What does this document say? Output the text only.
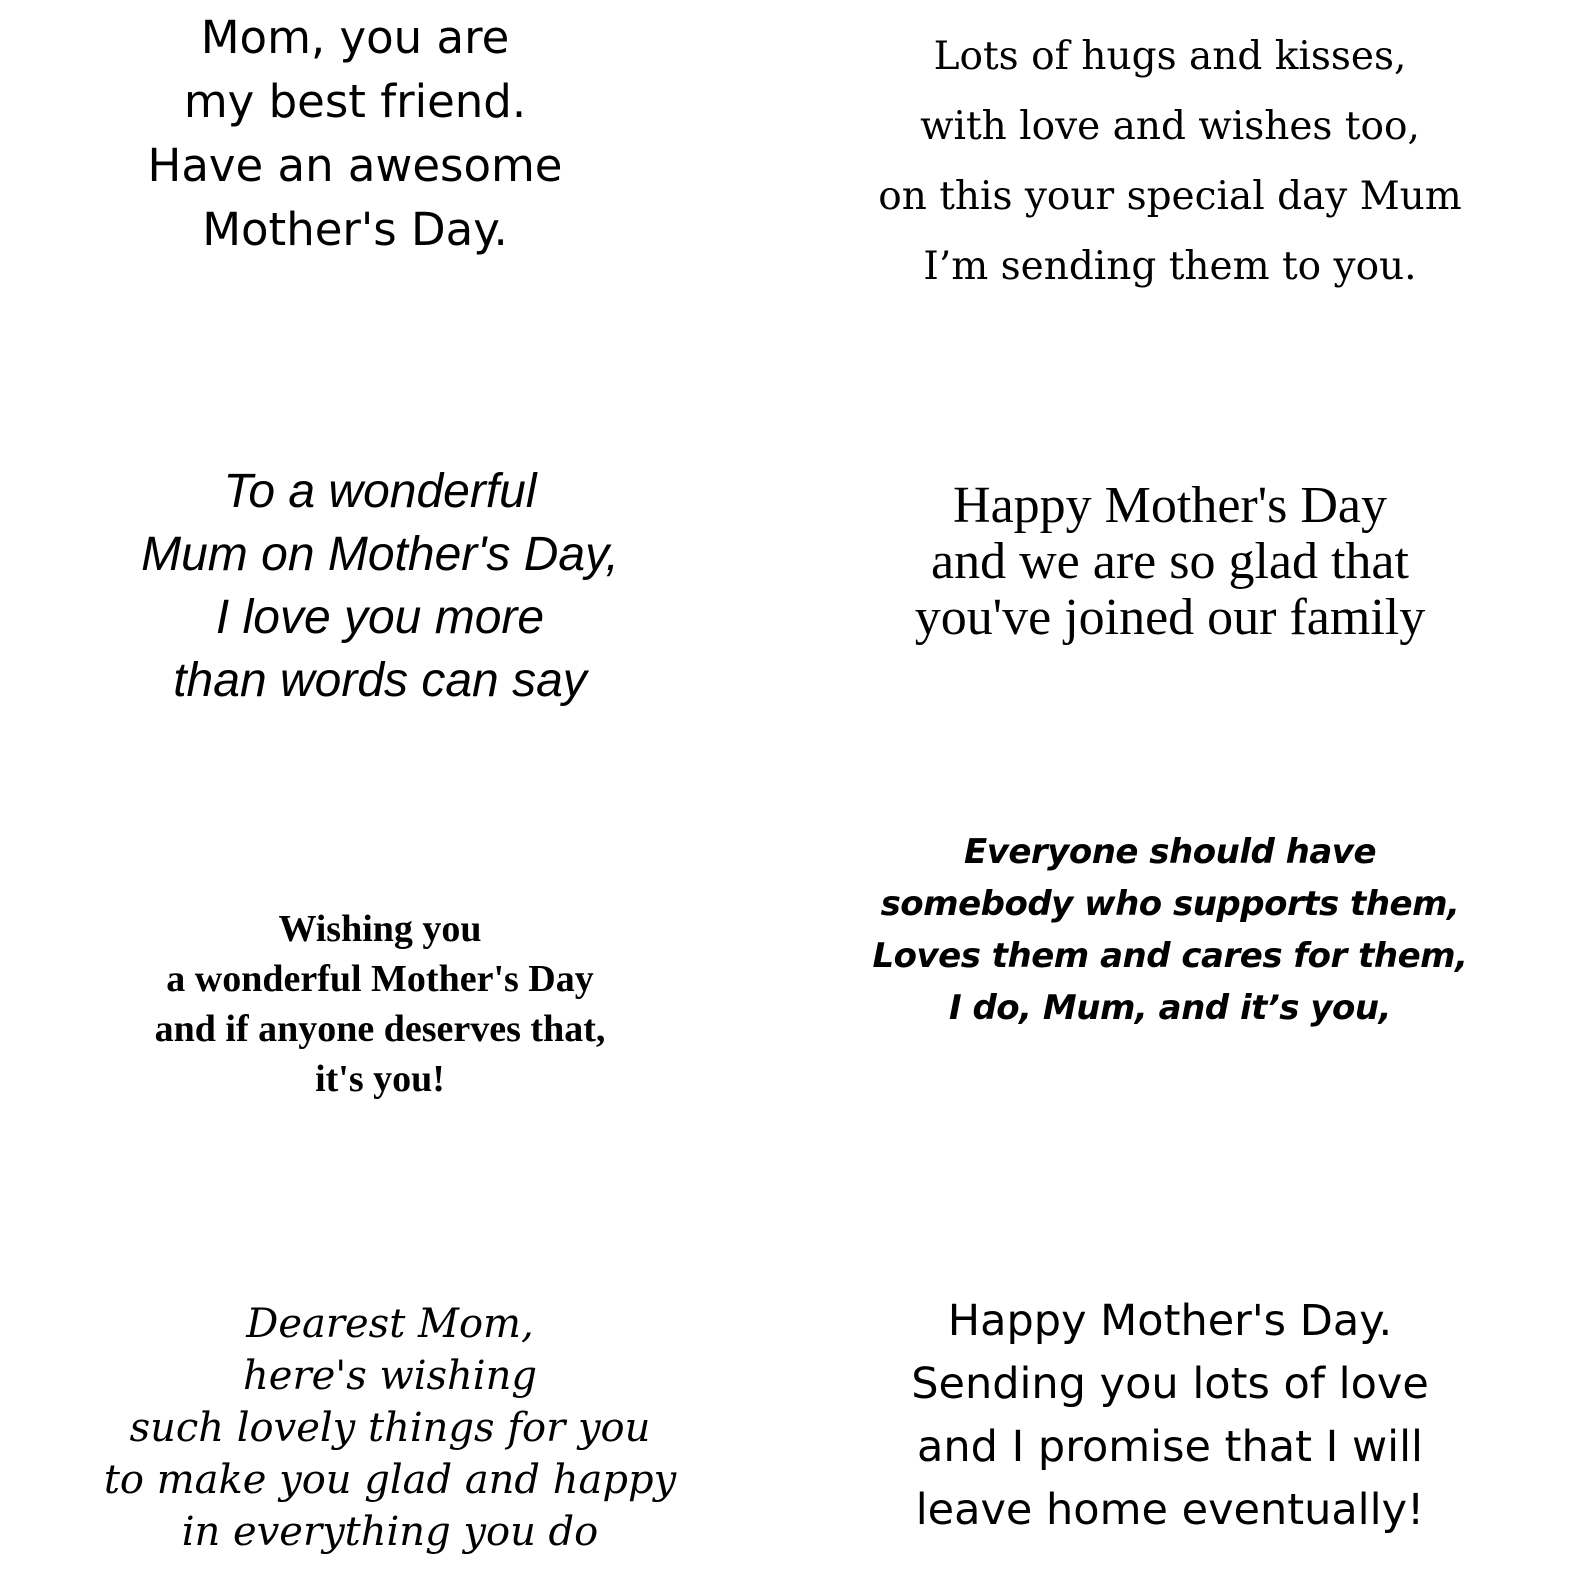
Mom, you are
my best friend.
Have an awesome
Mother's Day.
Lots of hugs and kisses,
with love and wishes too,
on this your special day Mum
I’m sending them to you.
To a wonderful
Mum on Mother's Day,
I love you more
than words can say
Happy Mother's Day
and we are so glad that
you've joined our family
Wishing you
a wonderful Mother's Day
and if anyone deserves that,
it's you!
Everyone should have
somebody who supports them,
Loves them and cares for them,
I do, Mum, and it’s you,
Dearest Mom,
here's wishing
such lovely things for you
to make you glad and happy
in everything you do
Happy Mother's Day.
Sending you lots of love
and I promise that I will
leave home eventually!
